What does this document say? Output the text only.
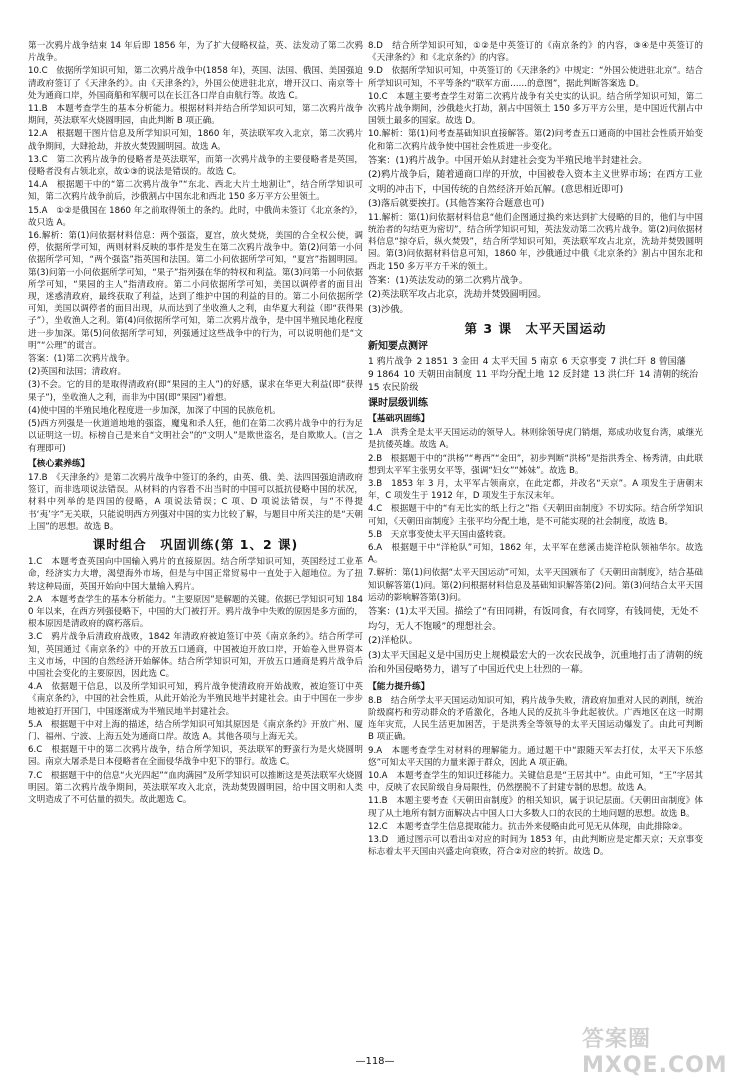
第一次鸦片战争结束 14 年后即 1856 年，为了扩大侵略权益，英、法发动了第二次鸦片战争。

10.C　依据所学知识可知，第二次鸦片战争中(1858 年)，英国、法国、俄国、美国强迫清政府签订了《天津条约》。由《天津条约》，外国公使进驻北京，增开汉口、南京等十处为通商口岸，外国商船和军舰可以在长江各口岸自由航行等。故选 C。

11.B　本题考查学生的基本分析能力。根据材料并结合所学知识可知，第二次鸦片战争期间，英法联军火烧圆明园，由此判断 B 项正确。

12.A　根据题干图片信息及所学知识可知，1860 年，英法联军攻入北京，第二次鸦片战争期间，大肆抢劫，并放火焚毁圆明园。故选 A。

13.C　第二次鸦片战争的侵略者是英法联军，而第一次鸦片战争的主要侵略者是英国，侵略者没有占领北京，故①③的说法是错误的。故选 C。

14.A　根据题干中的“第二次鸦片战争”“东北、西北大片土地割让”，结合所学知识可知，第二次鸦片战争前后，沙俄割占中国东北和西北 150 多万平方公里领土。

15.A　①②是俄国在 1860 年之前取得领土的条约。此时，中俄尚未签订《北京条约》，故只选 A。

16.解析：第(1)问依据材料信息：两个强盗，夏宫，放火焚烧，美国的合全权公使，调停，依据所学可知，两则材料反映的事件是发生在第二次鸦片战争中。第(2)问第一小问依据所学可知，“两个强盗”指英国和法国。第二小问依据所学可知，“夏宫”指圆明园。第(3)问第一小问依据所学可知，“果子”指列强在华的特权和利益。第(3)问第一小问依据所学可知，“果园的主人”指清政府。第二小问依据所学可知，美国以调停者的面目出现，迷惑清政府，最终获取了利益，达到了维护中国的利益的目的。第二小问依据所学可知，美国以调停者的面目出现，从而达到了坐收渔人之利，由华夏大利益（即“获得果子”），坐收渔人之利。第(4)问依据所学可知，第二次鸦片战争，是中国半殖民地化程度进一步加深。第(5)问依据所学可知，列强通过这些战争中的行为，可以说明他们是“文明”“公理”的谎言。

答案：(1)第二次鸦片战争。

(2)英国和法国；清政府。

(3)不会。它的目的是取得清政府(即“果园的主人”)的好感，谋求在华更大利益(即“获得果子”)，坐收渔人之利，而非为中国(即“果园”)着想。

(4)使中国的半殖民地化程度进一步加深，加深了中国的民族危机。

(5)西方列强是一伙道道地地的强盗，魔鬼和杀人狂，他们在第二次鸦片战争中的行为足以证明这一切。标榜自己是来自“文明社会”的“文明人”是欺世盗名，是自欺欺人。(言之有理即可)

【核心素养练】

17.B　《天津条约》是第二次鸦片战争中签订的条约，由英、俄、美、法四国强迫清政府签订，而非选项说法错误。从材料的内容看不出当时的中国可以抵抗侵略中国的状况，材料中列举的是四国的侵略，A 项说法错误；C 项、D 项说法错误，与“不得提书‘夷’字”无关联，只能说明西方列强对中国的实力比较了解，与题目中所关注的是“天朝上国”的思想。故选 B。

课时组合　巩固训练(第 1、2 课)

1.C　本题考查英国向中国输入鸦片的直接原因。结合所学知识可知，英国经过工业革命，经济实力大增，渴望海外市场，但是与中国正常贸易中一直处于入超地位。为了扭转这种局面，英国开始向中国大量输入鸦片。

2.A　本题考查学生的基本分析能力。“主要原因”是解题的关键。依据已学知识可知 1840 年以来，在西方列强侵略下，中国的大门被打开。鸦片战争中失败的原因是多方面的，根本原因是清政府的腐朽落后。

3.C　鸦片战争后清政府战败，1842 年清政府被迫签订中英《南京条约》。结合所学可知，英国通过《南京条约》中的开放五口通商，中国被迫开放口岸，开始卷入世界资本主义市场，中国的自然经济开始解体。结合所学知识可知，开放五口通商是鸦片战争后中国社会变化的主要原因，因此选 C。

4.A　依据题干信息，以及所学知识可知，鸦片战争使清政府开始战败，被迫签订中英《南京条约》，中国的社会性质，从此开始沦为半殖民地半封建社会。由于中国在一步步地被迫打开国门，中国逐渐成为半殖民地半封建社会。

5.A　根据题干中对上海的描述，结合所学知识可知其原因是《南京条约》开放广州、厦门、福州、宁波、上海五处为通商口岸。故选 A。其他各项与上海无关。

6.C　根据题干中的第二次鸦片战争，结合所学知识，英法联军的野蛮行为是火烧圆明园。南京大屠杀是日本侵略者在全面侵华战争中犯下的罪行。故选 C。

7.C　根据题干中的信息“火光四起”“血肉满园”及所学知识可以推断这是英法联军火烧圆明园。第二次鸦片战争期间，英法联军攻入北京，洗劫焚毁圆明园，给中国文明和人类文明造成了不可估量的损失。故此题选 C。

8.D　结合所学知识可知，①②是中英签订的《南京条约》的内容，③④是中英签订的《天津条约》和《北京条约》的内容。

9.D　依据所学知识可知，中英签订的《天津条约》中规定：“外国公使进驻北京”。结合所学知识可知，不平等条约“联军方面……的意图”，据此判断答案选 D。

10.C　本题主要考查学生对第二次鸦片战争有关史实的认识。结合所学知识可知，第二次鸦片战争期间，沙俄趁火打劫，割占中国领土 150 多万平方公里，是中国近代割占中国领土最多的国家。故选 D。

10.解析：第(1)问考查基础知识直接解答。第(2)问考查五口通商的中国社会性质开始变化和第二次鸦片战争使中国社会性质进一步变化。

答案：(1)鸦片战争。中国开始从封建社会变为半殖民地半封建社会。
(2)鸦片战争后，随着通商口岸的开放，中国被卷入资本主义世界市场；在西方工业文明的冲击下，中国传统的自然经济开始瓦解。(意思相近即可)
(3)落后就要挨打。(其他答案符合题意也可)

11.解析：第(1)问依据材料信息“他们企图通过换约来达到扩大侵略的目的，他们与中国统治者的勾结更为密切”，结合所学知识可知，英法发动第二次鸦片战争。第(2)问依据材料信息“掠夺后，纵火焚毁”，结合所学知识可知，英法联军攻占北京，洗劫并焚毁圆明园。第(3)问依据材料信息可知，1860 年，沙俄通过中俄《北京条约》割占中国东北和西北 150 多万平方千米的领土。

答案：(1)英法发动的第二次鸦片战争。
(2)英法联军攻占北京，洗劫并焚毁圆明园。
(3)沙俄。
第 3 课　太平天国运动
新知要点测评
1 鸦片战争 2 1851 3 金田 4 太平天国 5 南京 6 天京事变 7 洪仁玕 8 曾国藩
9 1864 10 天朝田亩制度 11 平均分配土地 12 反封建 13 洪仁玕 14 清朝的统治
15 农民阶级
课时层级训练
【基础巩固练】

1.A　洪秀全是太平天国运动的领导人。林则徐领导虎门销烟，郑成功收复台湾，戚继光是抗倭英雄。故选 A。

2.B　根据题干中的“洪杨”“粤西”“金田”，初步判断“洪杨”是指洪秀全、杨秀清，由此联想到太平军主张男女平等，强调“妇女”“姊妹”。故选 B。

3.B　1853 年 3 月，太平军占领南京，在此定都，并改名“天京”。A 项发生于唐朝末年，C 项发生于 1912 年，D 项发生于东汉末年。

4.C　根据题干中的“有无比实的纸上行之”指《天朝田亩制度》不切实际。结合所学知识可知，《天朝田亩制度》主张平均分配土地，是不可能实现的社会制度，故选 B。

5.B　天京事变使太平天国由盛转衰。

6.A　根据题干中“洋枪队”可知，1862 年，太平军在慈溪击毙洋枪队领袖华尔。故选 A。

7.解析：第(1)问依据“太平天国运动”可知，太平天国颁布了《天朝田亩制度》，结合基础知识解答第(1)问。第(2)问根据材料信息及基础知识解答第(2)问。第(3)问结合太平天国运动的影响解答第(3)问。

答案：(1)太平天国。描绘了“有田同耕，有饭同食，有衣同穿，有钱同使，无处不均匀，无人不饱暖”的理想社会。
(2)洋枪队。
(3)太平天国起义是中国历史上规模最宏大的一次农民战争，沉重地打击了清朝的统治和外国侵略势力，谱写了中国近代史上壮烈的一幕。
【能力提升练】

8.B　结合所学太平天国运动知识可知，鸦片战争失败，清政府加重对人民的剥削，统治阶级腐朽和劳动群众的矛盾激化，各地人民的反抗斗争此起彼伏。广西地区在这一时期连年灾荒，人民生活更加困苦，于是洪秀全等领导的太平天国运动爆发了。由此可判断 B 项正确。

9.A　本题考查学生对材料的理解能力。通过题干中“跟随天军去打仗，太平天下乐悠悠”可知太平天国的力量来源于群众，因此 A 项正确。

10.A　本题考查学生的知识迁移能力。关键信息是“王居其中”。由此可知，“王”字居其中，反映了农民阶级自身局限性，仍然摆脱不了封建专制的思想。故选 A。

11.B　本题主要考查《天朝田亩制度》的相关知识，属于识记层面。《天朝田亩制度》体现了从土地所有制方面解决占中国人口大多数人口的农民的土地问题的思想。故选 B。

12.C　本题考查学生信息提取能力。抗击外来侵略由此可见无从体现，由此排除②。

13.D　通过图示可以看出①对应的时间为 1853 年，由此判断应是定都天京；天京事变标志着太平天国由兴盛走向衰败，符合②对应的转折。故选 D。

—118—
答案圈 MXQE.COM
